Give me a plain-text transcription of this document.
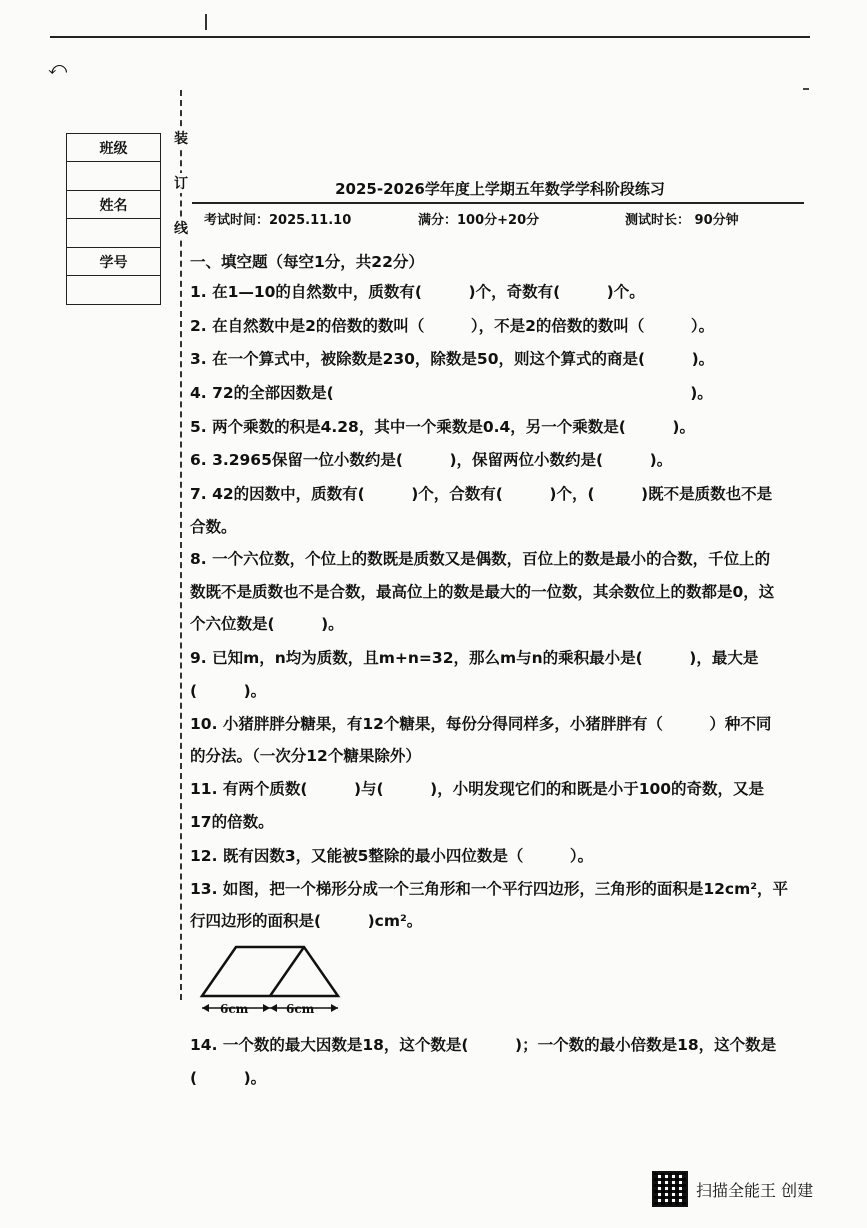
⤺
班级
姓名
学号
装
订
线
2025-2026学年度上学期五年数学学科阶段练习
考试时间：2025.11.10	满分：100分+20分	测试时长： 90分钟
一、填空题（每空1分，共22分）
1. 在1—10的自然数中，质数有(　　　)个，奇数有(　　　)个。
2. 在自然数中是2的倍数的数叫（　　　），不是2的倍数的数叫（　　　）。
3. 在一个算式中，被除数是230，除数是50，则这个算式的商是(　　　)。
4. 72的全部因数是(　　　　　　　　　　　　　　　　　　　　　　　)。
5. 两个乘数的积是4.28，其中一个乘数是0.4，另一个乘数是(　　　)。
6. 3.2965保留一位小数约是(　　　)，保留两位小数约是(　　　)。
7. 42的因数中，质数有(　　　)个，合数有(　　　)个，(　　　)既不是质数也不是
合数。
8. 一个六位数，个位上的数既是质数又是偶数，百位上的数是最小的合数，千位上的
数既不是质数也不是合数，最高位上的数是最大的一位数，其余数位上的数都是0，这
个六位数是(　　　)。
9. 已知m，n均为质数，且m+n=32，那么m与n的乘积最小是(　　　)，最大是
(　　　)。
10. 小猪胖胖分糖果，有12个糖果，每份分得同样多，小猪胖胖有（　　　）种不同
的分法。（一次分12个糖果除外）
11. 有两个质数(　　　)与(　　　)，小明发现它们的和既是小于100的奇数，又是
17的倍数。
12. 既有因数3，又能被5整除的最小四位数是（　　　）。
13. 如图，把一个梯形分成一个三角形和一个平行四边形，三角形的面积是12cm²，平
行四边形的面积是(　　　)cm²。
6cm	6cm
14. 一个数的最大因数是18，这个数是(　　　)；一个数的最小倍数是18，这个数是
(　　　)。
扫描全能王 创建
